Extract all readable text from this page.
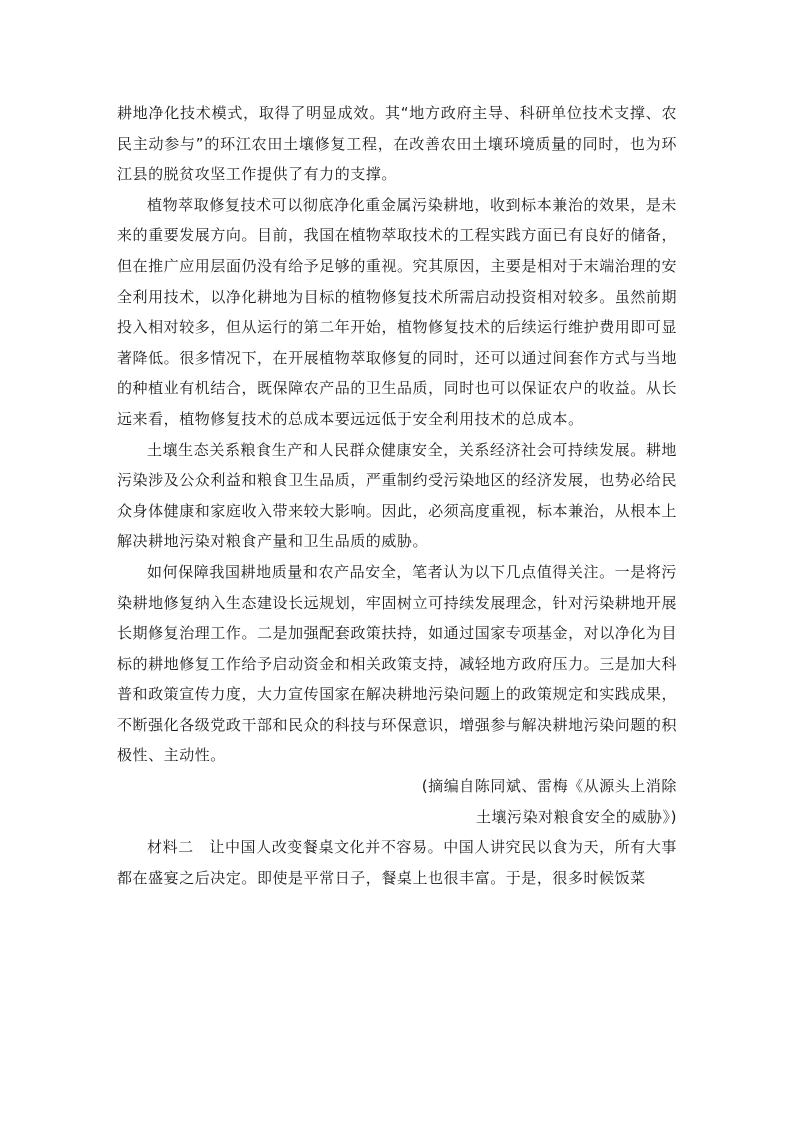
耕地净化技术模式，取得了明显成效。其“地方政府主导、科研单位技术支撑、农民主动参与”的环江农田土壤修复工程，在改善农田土壤环境质量的同时，也为环江县的脱贫攻坚工作提供了有力的支撑。

植物萃取修复技术可以彻底净化重金属污染耕地，收到标本兼治的效果，是未来的重要发展方向。目前，我国在植物萃取技术的工程实践方面已有良好的储备，但在推广应用层面仍没有给予足够的重视。究其原因，主要是相对于末端治理的安全利用技术，以净化耕地为目标的植物修复技术所需启动投资相对较多。虽然前期投入相对较多，但从运行的第二年开始，植物修复技术的后续运行维护费用即可显著降低。很多情况下，在开展植物萃取修复的同时，还可以通过间套作方式与当地的种植业有机结合，既保障农产品的卫生品质，同时也可以保证农户的收益。从长远来看，植物修复技术的总成本要远远低于安全利用技术的总成本。

土壤生态关系粮食生产和人民群众健康安全，关系经济社会可持续发展。耕地污染涉及公众利益和粮食卫生品质，严重制约受污染地区的经济发展，也势必给民众身体健康和家庭收入带来较大影响。因此，必须高度重视，标本兼治，从根本上解决耕地污染对粮食产量和卫生品质的威胁。

如何保障我国耕地质量和农产品安全，笔者认为以下几点值得关注。一是将污染耕地修复纳入生态建设长远规划，牢固树立可持续发展理念，针对污染耕地开展长期修复治理工作。二是加强配套政策扶持，如通过国家专项基金，对以净化为目标的耕地修复工作给予启动资金和相关政策支持，减轻地方政府压力。三是加大科普和政策宣传力度，大力宣传国家在解决耕地污染问题上的政策规定和实践成果，不断强化各级党政干部和民众的科技与环保意识，增强参与解决耕地污染问题的积极性、主动性。

(摘编自陈同斌、雷梅《从源头上消除

土壤污染对粮食安全的威胁》)

材料二　让中国人改变餐桌文化并不容易。中国人讲究民以食为天，所有大事都在盛宴之后决定。即使是平常日子，餐桌上也很丰富。于是，很多时候饭菜
